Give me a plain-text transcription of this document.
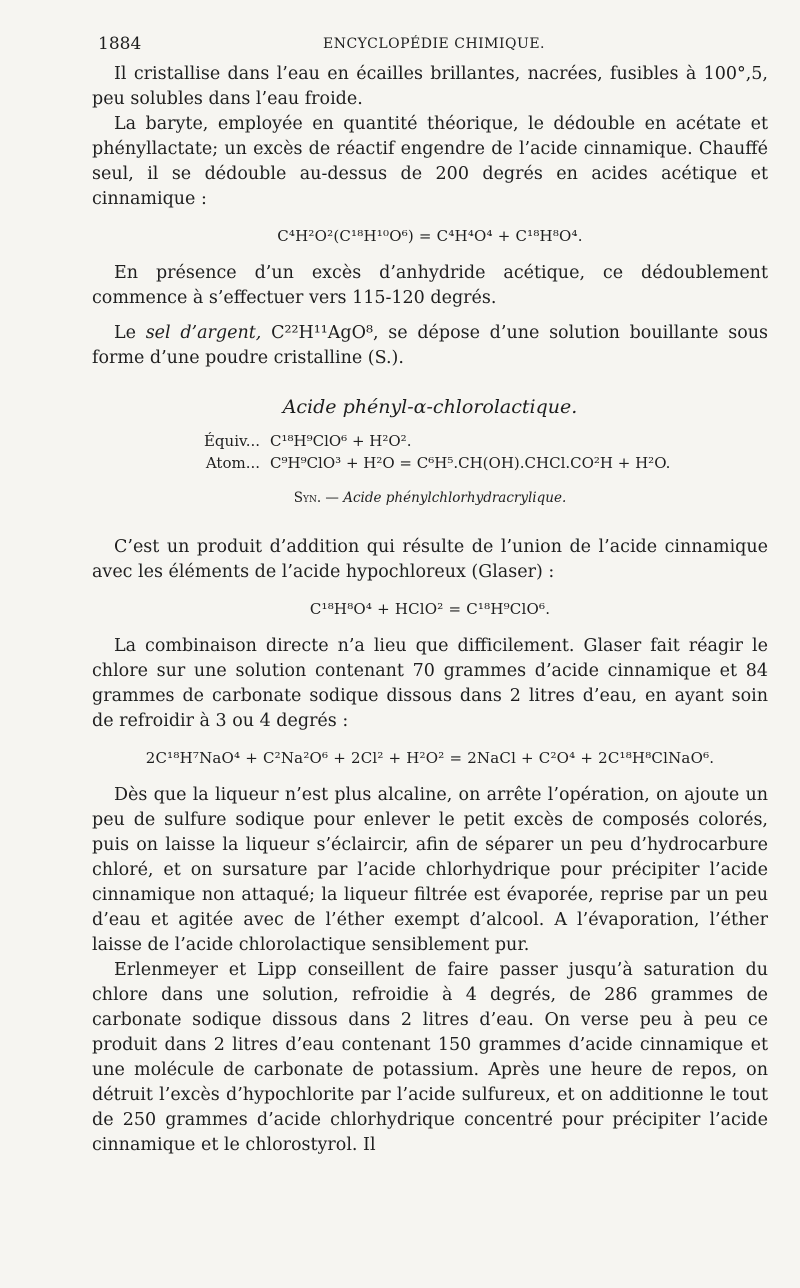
1884	ENCYCLOPÉDIE CHIMIQUE.

Il cristallise dans l’eau en écailles brillantes, nacrées, fusibles à 100°,5, peu solubles dans l’eau froide.

La baryte, employée en quantité théorique, le dédouble en acétate et phényllactate; un excès de réactif engendre de l’acide cinnamique. Chauffé seul, il se dédouble au-dessus de 200 degrés en acides acétique et cinnamique :

C⁴H²O²(C¹⁸H¹⁰O⁶) = C⁴H⁴O⁴ + C¹⁸H⁸O⁴.

En présence d’un excès d’anhydride acétique, ce dédoublement commence à s’effectuer vers 115-120 degrés.

Le sel d’argent, C²²H¹¹AgO⁸, se dépose d’une solution bouillante sous forme d’une poudre cristalline (S.).

Acide phényl-α-chlorolactique.
Équiv... C¹⁸H⁹ClO⁶ + H²O².
Atom... C⁹H⁹ClO³ + H²O = C⁶H⁵.CH(OH).CHCl.CO²H + H²O.
Syn. — Acide phénylchlorhydracrylique.

C’est un produit d’addition qui résulte de l’union de l’acide cinnamique avec les éléments de l’acide hypochloreux (Glaser) :

C¹⁸H⁸O⁴ + HClO² = C¹⁸H⁹ClO⁶.

La combinaison directe n’a lieu que difficilement. Glaser fait réagir le chlore sur une solution contenant 70 grammes d’acide cinnamique et 84 grammes de carbonate sodique dissous dans 2 litres d’eau, en ayant soin de refroidir à 3 ou 4 degrés :

2C¹⁸H⁷NaO⁴ + C²Na²O⁶ + 2Cl² + H²O² = 2NaCl + C²O⁴ + 2C¹⁸H⁸ClNaO⁶.

Dès que la liqueur n’est plus alcaline, on arrête l’opération, on ajoute un peu de sulfure sodique pour enlever le petit excès de composés colorés, puis on laisse la liqueur s’éclaircir, afin de séparer un peu d’hydrocarbure chloré, et on sursature par l’acide chlorhydrique pour précipiter l’acide cinnamique non attaqué; la liqueur filtrée est évaporée, reprise par un peu d’eau et agitée avec de l’éther exempt d’alcool. A l’évaporation, l’éther laisse de l’acide chlorolactique sensiblement pur.

Erlenmeyer et Lipp conseillent de faire passer jusqu’à saturation du chlore dans une solution, refroidie à 4 degrés, de 286 grammes de carbonate sodique dissous dans 2 litres d’eau. On verse peu à peu ce produit dans 2 litres d’eau contenant 150 grammes d’acide cinnamique et une molécule de carbonate de potassium. Après une heure de repos, on détruit l’excès d’hypochlorite par l’acide sulfureux, et on additionne le tout de 250 grammes d’acide chlorhydrique concentré pour précipiter l’acide cinnamique et le chlorostyrol. Il
